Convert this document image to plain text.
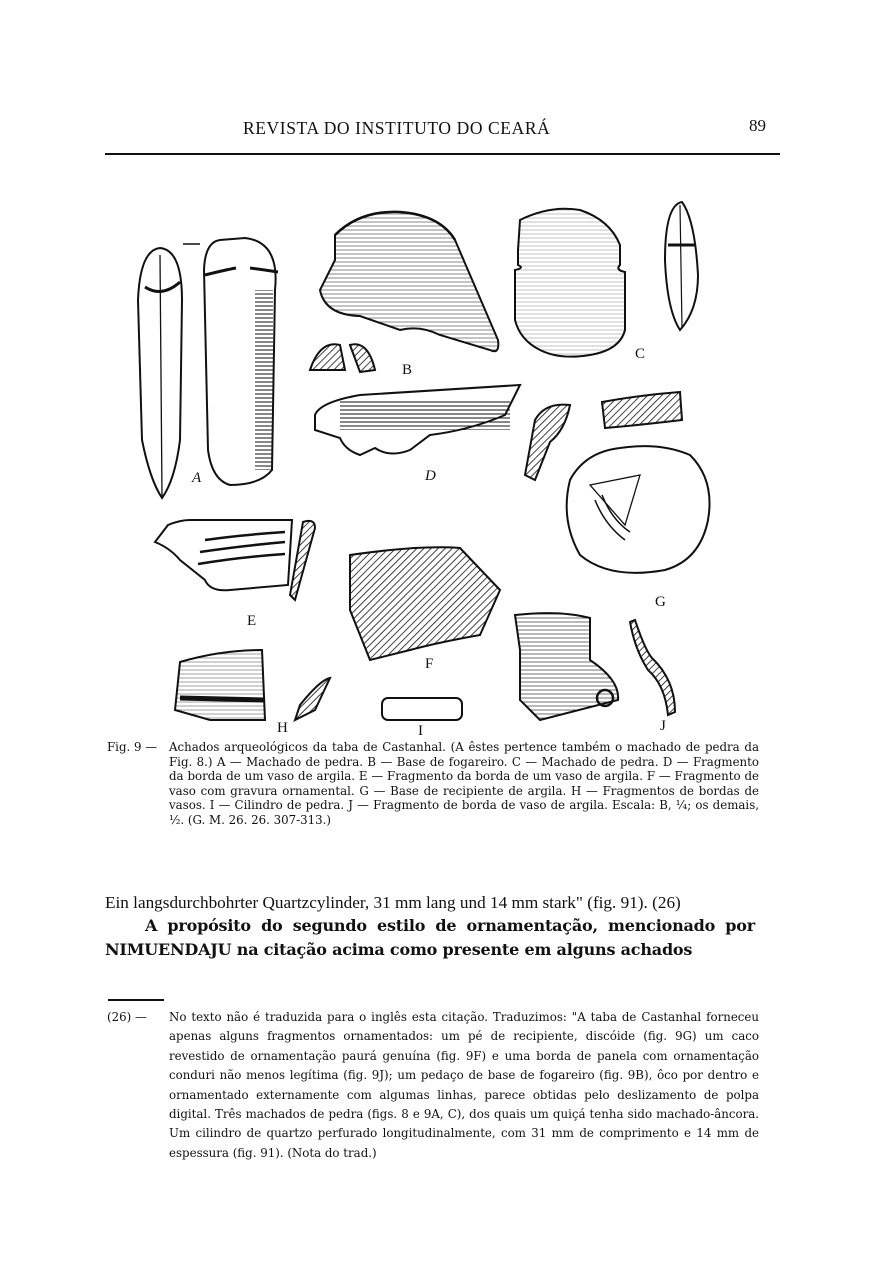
REVISTA DO INSTITUTO DO CEARÁ	89
A
B
C
D
G
E
F
H	I	J
Fig. 9 — Achados arqueológicos da taba de Castanhal. (A êstes pertence também o machado de pedra da Fig. 8.) A — Machado de pedra. B — Base de fogareiro. C — Machado de pedra. D — Fragmento da borda de um vaso de argila. E — Fragmento da borda de um vaso de argila. F — Fragmento de vaso com gravura ornamental. G — Base de recipiente de argila. H — Fragmentos de bordas de vasos. I — Cilindro de pedra. J — Fragmento de borda de vaso de argila. Escala: B, ¼; os demais, ½. (G. M. 26. 26. 307-313.)

Ein langsdurchbohrter Quartzcylinder, 31 mm lang und 14 mm stark" (fig. 91). (26)

A propósito do segundo estilo de ornamentação, mencionado por NIMUENDAJU na citação acima como presente em alguns achados

(26) — No texto não é traduzida para o inglês esta citação. Traduzimos: "A taba de Castanhal forneceu apenas alguns fragmentos ornamentados: um pé de recipiente, discóide (fig. 9G) um caco revestido de ornamentação paurá genuína (fig. 9F) e uma borda de panela com ornamentação conduri não menos legítima (fig. 9J); um pedaço de base de fogareiro (fig. 9B), ôco por dentro e ornamentado externamente com algumas linhas, parece obtidas pelo deslizamento de polpa digital. Três machados de pedra (figs. 8 e 9A, C), dos quais um quiçá tenha sido machado-âncora. Um cilindro de quartzo perfurado longitudinalmente, com 31 mm de comprimento e 14 mm de espessura (fig. 91). (Nota do trad.)
